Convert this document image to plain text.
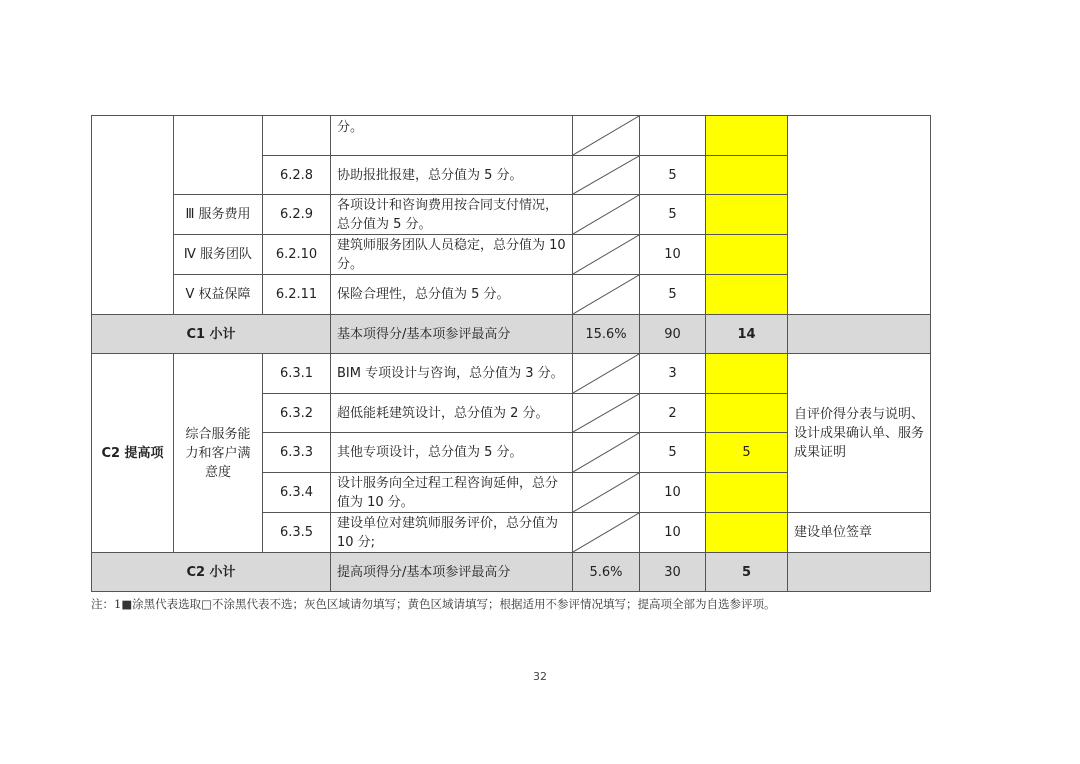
			分。	

		6.2.8	协助报批报建，总分值为 5 分。		5		
	Ⅲ 服务费用	6.2.9	各项设计和咨询费用按合同支付情况，总分值为 5 分。		5		
	Ⅳ 服务团队	6.2.10	建筑师服务团队人员稳定，总分值为 10 分。		10		
	Ⅴ 权益保障	6.2.11	保险合理性，总分值为 5 分。		5		
C1 小计			基本项得分/基本项参评最高分	15.6%	90	14	
C2 提高项	综合服务能力和客户满意度	6.3.1	BIM 专项设计与咨询，总分值为 3 分。		3		自评价得分表与说明、设计成果确认单、服务成果证明
		6.3.2	超低能耗建筑设计，总分值为 2 分。		2		
		6.3.3	其他专项设计，总分值为 5 分。		5	5	
		6.3.4	设计服务向全过程工程咨询延伸，总分值为 10 分。		10		
		6.3.5	建设单位对建筑师服务评价，总分值为 10 分;		10		建设单位签章
C2 小计			提高项得分/基本项参评最高分	5.6%	30	5	
注：1■涂黑代表选取□不涂黑代表不选；灰色区域请勿填写；黄色区域请填写；根据适用不参评情况填写；提高项全部为自选参评项。
32
